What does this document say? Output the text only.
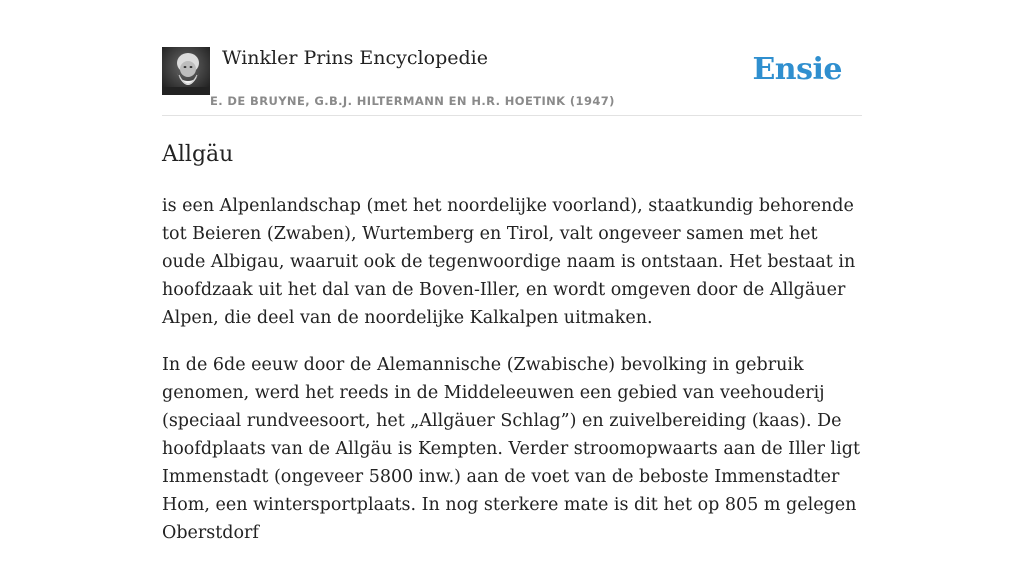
Winkler Prins Encyclopedie
E. DE BRUYNE, G.B.J. HILTERMANN EN H.R. HOETINK (1947)
Ensie
Allgäu

is een Alpenlandschap (met het noordelijke voorland), staatkundig behorende tot Beieren (Zwaben), Wurtemberg en Tirol, valt ongeveer samen met het oude Albigau, waaruit ook de tegenwoordige naam is ontstaan. Het bestaat in hoofdzaak uit het dal van de Boven-Iller, en wordt omgeven door de Allgäuer Alpen, die deel van de noordelijke Kalkalpen uitmaken.

In de 6de eeuw door de Alemannische (Zwabische) bevolking in gebruik genomen, werd het reeds in de Middeleeuwen een gebied van veehouderij (speciaal rundveesoort, het „Allgäuer Schlag”) en zuivelbereiding (kaas). De hoofdplaats van de Allgäu is Kempten. Verder stroomopwaarts aan de Iller ligt Immenstadt (ongeveer 5800 inw.) aan de voet van de beboste Immenstadter Hom, een wintersportplaats. In nog sterkere mate is dit het op 805 m gelegen Oberstdorf
